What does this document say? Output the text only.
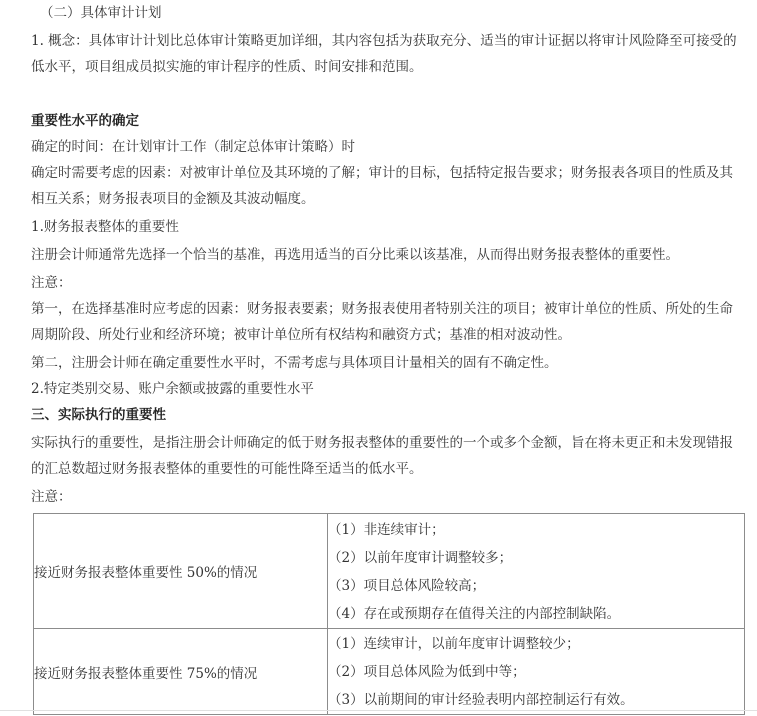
（二）具体审计计划

1. 概念：具体审计计划比总体审计策略更加详细，其内容包括为获取充分、适当的审计证据以将审计风险降至可接受的

低水平，项目组成员拟实施的审计程序的性质、时间安排和范围。

重要性水平的确定

确定的时间：在计划审计工作（制定总体审计策略）时

确定时需要考虑的因素：对被审计单位及其环境的了解；审计的目标，包括特定报告要求；财务报表各项目的性质及其

相互关系；财务报表项目的金额及其波动幅度。

1.财务报表整体的重要性

注册会计师通常先选择一个恰当的基准，再选用适当的百分比乘以该基准，从而得出财务报表整体的重要性。

注意：

第一，在选择基准时应考虑的因素：财务报表要素；财务报表使用者特别关注的项目；被审计单位的性质、所处的生命

周期阶段、所处行业和经济环境；被审计单位所有权结构和融资方式；基准的相对波动性。

第二，注册会计师在确定重要性水平时，不需考虑与具体项目计量相关的固有不确定性。

2.特定类别交易、账户余额或披露的重要性水平

三、实际执行的重要性

实际执行的重要性，是指注册会计师确定的低于财务报表整体的重要性的一个或多个金额，旨在将未更正和未发现错报

的汇总数超过财务报表整体的重要性的可能性降至适当的低水平。

注意：

接近财务报表整体重要性 50%的情况	（1）非连续审计；
（2）以前年度审计调整较多；
（3）项目总体风险较高；
（4）存在或预期存在值得关注的内部控制缺陷。

接近财务报表整体重要性 75%的情况	（1）连续审计，以前年度审计调整较少；
（2）项目总体风险为低到中等；
（3）以前期间的审计经验表明内部控制运行有效。
